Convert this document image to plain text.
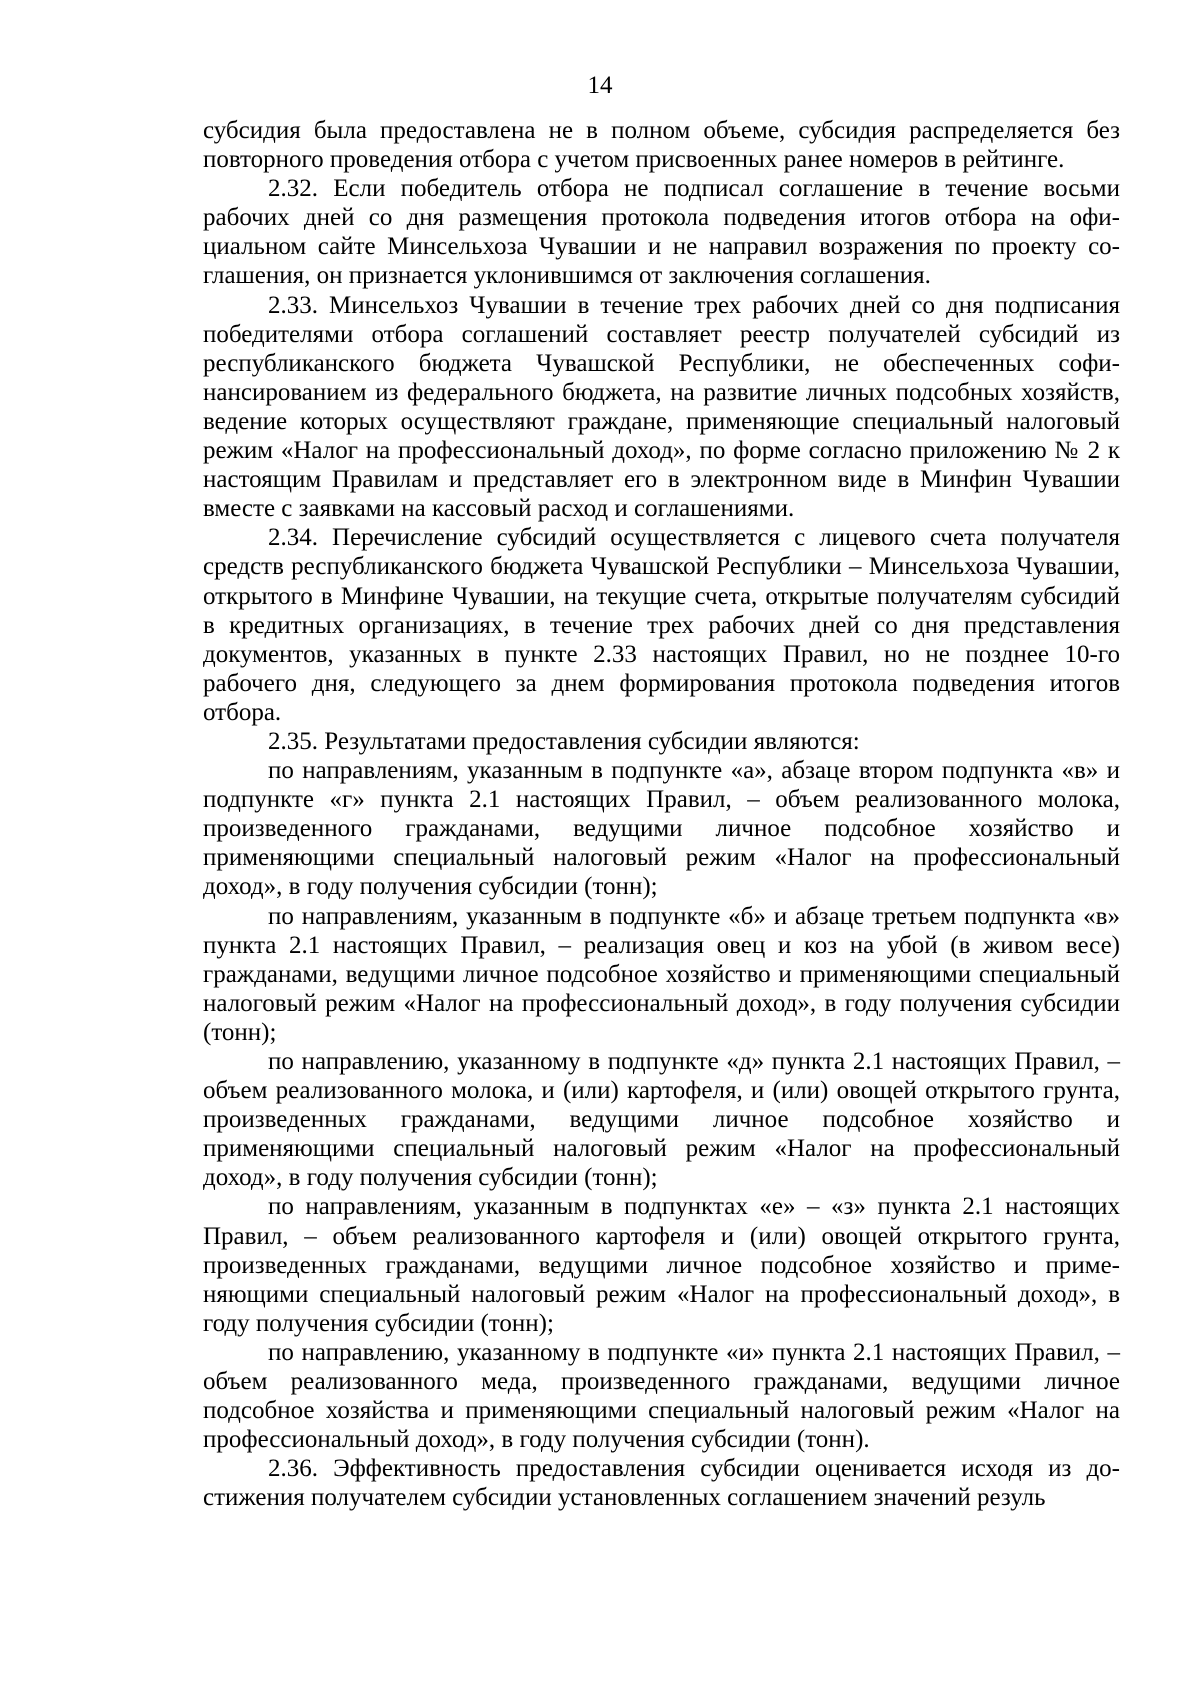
14

субсидия была предоставлена не в полном объеме, субсидия распределяется без повторного проведения отбора с учетом присвоенных ранее номеров в рейтинге.

2.32. Если победитель отбора не подписал соглашение в течение восьми рабочих дней со дня размещения протокола подведения итогов отбора на официальном сайте Минсельхоза Чувашии и не направил возражения по проекту соглашения, он признается уклонившимся от заключения соглашения.

2.33. Минсельхоз Чувашии в течение трех рабочих дней со дня подписания победителями отбора соглашений составляет реестр получателей субсидий из республиканского бюджета Чувашской Республики, не обеспеченных софинансированием из федерального бюджета, на развитие личных подсобных хозяйств, ведение которых осуществляют граждане, применяющие специальный налоговый режим «Налог на профессиональный доход», по форме согласно приложению № 2 к настоящим Правилам и представляет его в электронном виде в Минфин Чувашии вместе с заявками на кассовый расход и соглашениями.

2.34. Перечисление субсидий осуществляется с лицевого счета получателя средств республиканского бюджета Чувашской Республики – Минсельхоза Чувашии, открытого в Минфине Чувашии, на текущие счета, открытые получателям субсидий в кредитных организациях, в течение трех рабочих дней со дня представления документов, указанных в пункте 2.33 настоящих Правил, но не позднее 10-го рабочего дня, следующего за днем формирования протокола подведения итогов отбора.

2.35. Результатами предоставления субсидии являются:

по направлениям, указанным в подпункте «а», абзаце втором подпункта «в» и подпункте «г» пункта 2.1 настоящих Правил, – объем реализованного молока, произведенного гражданами, ведущими личное подсобное хозяйство и применяющими специальный налоговый режим «Налог на профессиональный доход», в году получения субсидии (тонн);

по направлениям, указанным в подпункте «б» и абзаце третьем подпункта «в» пункта 2.1 настоящих Правил, – реализация овец и коз на убой (в живом весе) гражданами, ведущими личное подсобное хозяйство и применяющими специальный налоговый режим «Налог на профессиональный доход», в году получения субсидии (тонн);

по направлению, указанному в подпункте «д» пункта 2.1 настоящих Правил, – объем реализованного молока, и (или) картофеля, и (или) овощей открытого грунта, произведенных гражданами, ведущими личное подсобное хозяйство и применяющими специальный налоговый режим «Налог на профессиональный доход», в году получения субсидии (тонн);

по направлениям, указанным в подпунктах «е» – «з» пункта 2.1 настоящих Правил, – объем реализованного картофеля и (или) овощей открытого грунта, произведенных гражданами, ведущими личное подсобное хозяйство и применяющими специальный налоговый режим «Налог на профессиональный доход», в году получения субсидии (тонн);

по направлению, указанному в подпункте «и» пункта 2.1 настоящих Правил, – объем реализованного меда, произведенного гражданами, ведущими личное подсобное хозяйства и применяющими специальный налоговый режим «Налог на профессиональный доход», в году получения субсидии (тонн).

2.36. Эффективность предоставления субсидии оценивается исходя из достижения получателем субсидии установленных соглашением значений резуль
